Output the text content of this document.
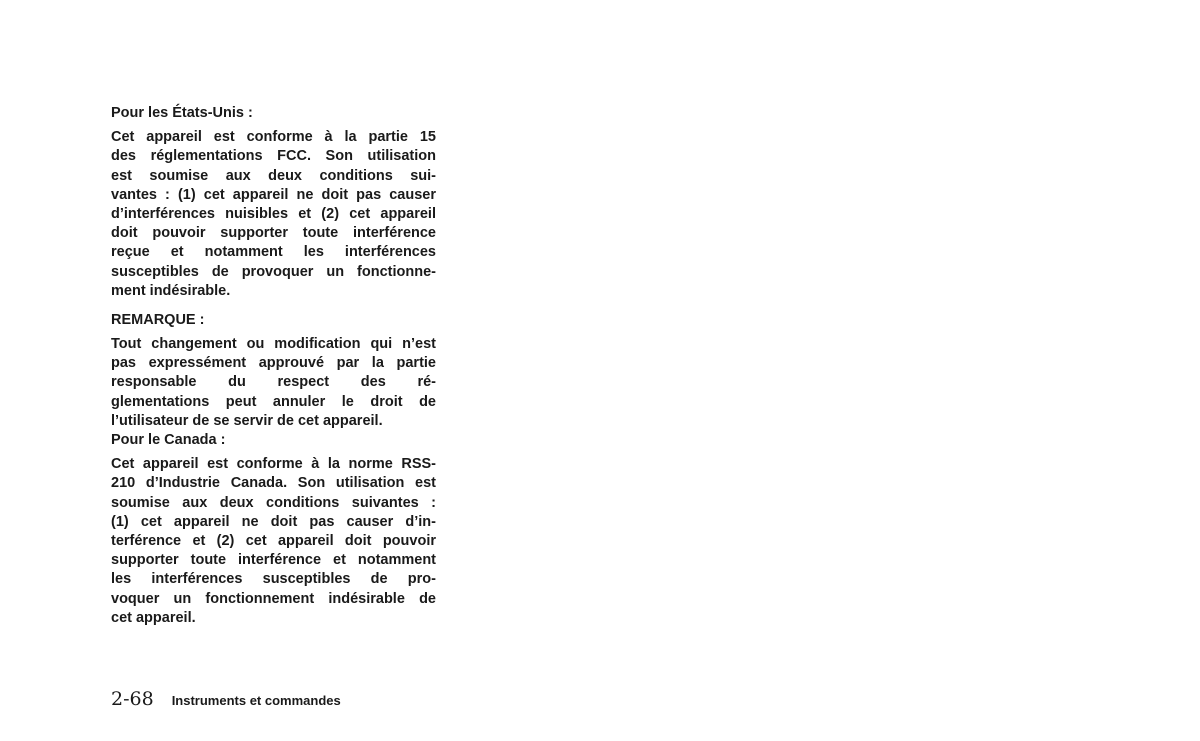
Pour les États-Unis :
Cet appareil est conforme à la partie 15
des réglementations FCC. Son utilisation
est soumise aux deux conditions sui-
vantes : (1) cet appareil ne doit pas causer
d’interférences nuisibles et (2) cet appareil
doit pouvoir supporter toute interférence
reçue et notamment les interférences
susceptibles de provoquer un fonctionne-
ment indésirable.
REMARQUE :
Tout changement ou modification qui n’est
pas expressément approuvé par la partie
responsable du respect des ré-
glementations peut annuler le droit de
l’utilisateur de se servir de cet appareil.
Pour le Canada :
Cet appareil est conforme à la norme RSS-
210 d’Industrie Canada. Son utilisation est
soumise aux deux conditions suivantes :
(1) cet appareil ne doit pas causer d’in-
terférence et (2) cet appareil doit pouvoir
supporter toute interférence et notamment
les interférences susceptibles de pro-
voquer un fonctionnement indésirable de
cet appareil.
2-68 Instruments et commandes
